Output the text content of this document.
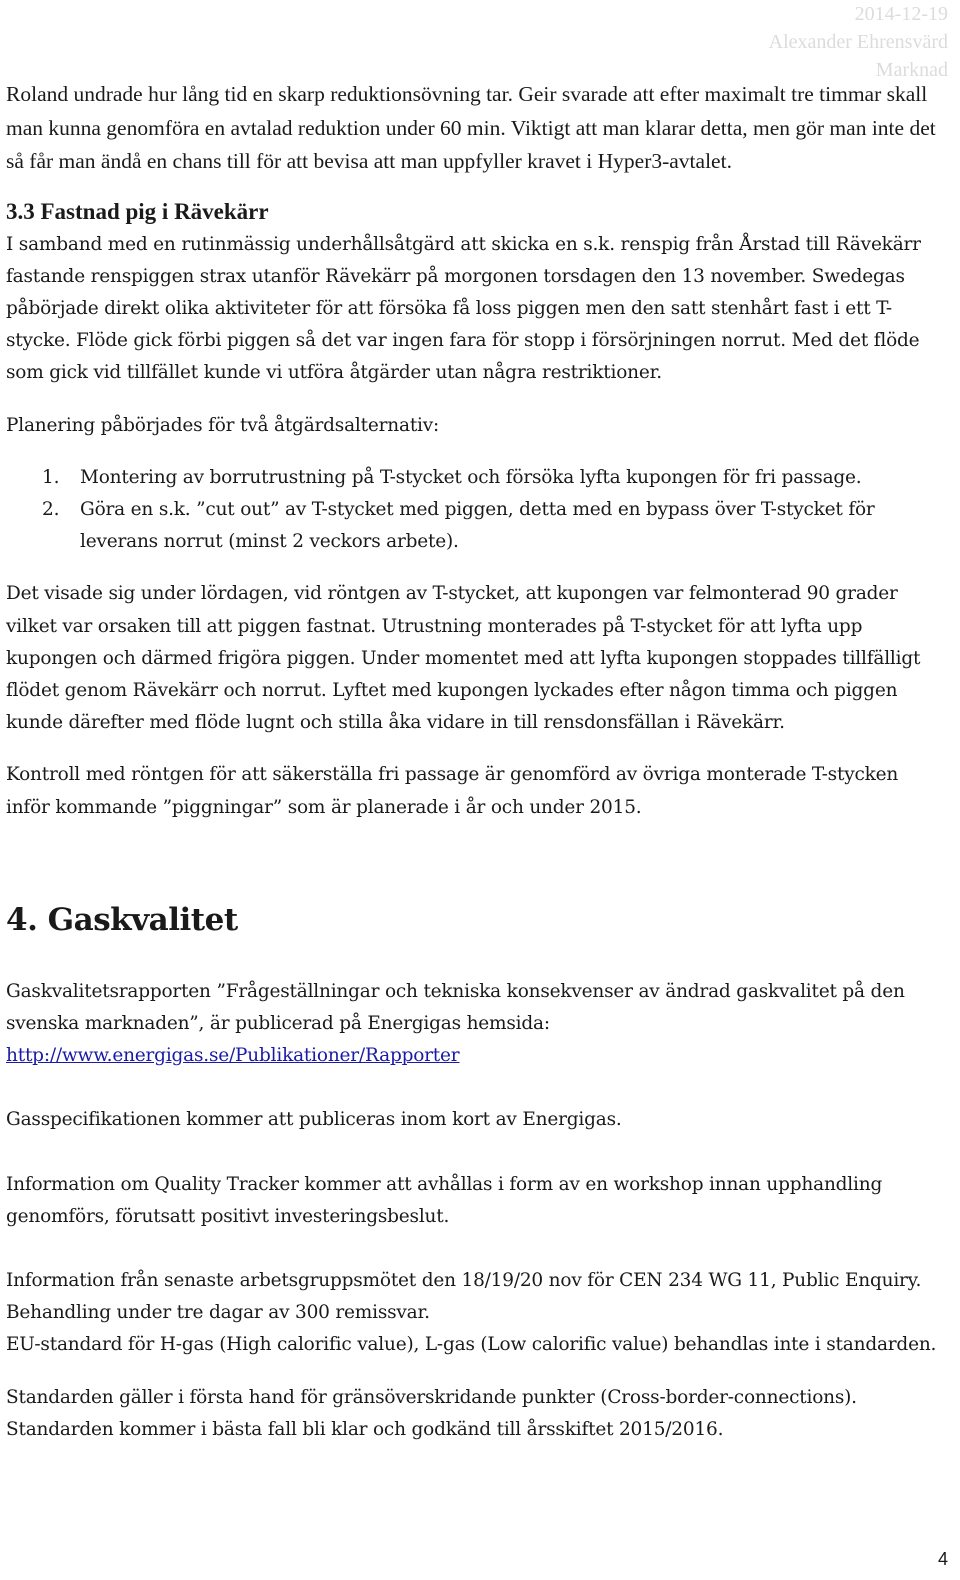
2014-12-19
Alexander Ehrensvärd
Marknad

Roland undrade hur lång tid en skarp reduktionsövning tar. Geir svarade att efter maximalt tre timmar skall man kunna genomföra en avtalad reduktion under 60 min. Viktigt att man klarar detta, men gör man inte det så får man ändå en chans till för att bevisa att man uppfyller kravet i Hyper3-avtalet.

3.3 Fastnad pig i Rävekärr

I samband med en rutinmässig underhållsåtgärd att skicka en s.k. renspig från Årstad till Rävekärr fastande renspiggen strax utanför Rävekärr på morgonen torsdagen den 13 november. Swedegas påbörjade direkt olika aktiviteter för att försöka få loss piggen men den satt stenhårt fast i ett T-stycke. Flöde gick förbi piggen så det var ingen fara för stopp i försörjningen norrut. Med det flöde som gick vid tillfället kunde vi utföra åtgärder utan några restriktioner.

Planering påbörjades för två åtgärdsalternativ:

1.	Montering av borrutrustning på T-stycket och försöka lyfta kupongen för fri passage.
2.	Göra en s.k. ”cut out” av T-stycket med piggen, detta med en bypass över T-stycket för leverans norrut (minst 2 veckors arbete).

Det visade sig under lördagen, vid röntgen av T-stycket, att kupongen var felmonterad 90 grader vilket var orsaken till att piggen fastnat. Utrustning monterades på T-stycket för att lyfta upp kupongen och därmed frigöra piggen. Under momentet med att lyfta kupongen stoppades tillfälligt flödet genom Rävekärr och norrut. Lyftet med kupongen lyckades efter någon timma och piggen kunde därefter med flöde lugnt och stilla åka vidare in till rensdonsfällan i Rävekärr.

Kontroll med röntgen för att säkerställa fri passage är genomförd av övriga monterade T-stycken inför kommande ”piggningar” som är planerade i år och under 2015.

4. Gaskvalitet

Gaskvalitetsrapporten ”Frågeställningar och tekniska konsekvenser av ändrad gaskvalitet på den svenska marknaden”, är publicerad på Energigas hemsida:

http://www.energigas.se/Publikationer/Rapporter

Gasspecifikationen kommer att publiceras inom kort av Energigas.

Information om Quality Tracker kommer att avhållas i form av en workshop innan upphandling genomförs, förutsatt positivt investeringsbeslut.

Information från senaste arbetsgruppsmötet den 18/19/20 nov för CEN 234 WG 11, Public Enquiry. Behandling under tre dagar av 300 remissvar.

EU-standard för H-gas (High calorific value), L-gas (Low calorific value) behandlas inte i standarden.

Standarden gäller i första hand för gränsöverskridande punkter (Cross-border-connections).

Standarden kommer i bästa fall bli klar och godkänd till årsskiftet 2015/2016.

4
